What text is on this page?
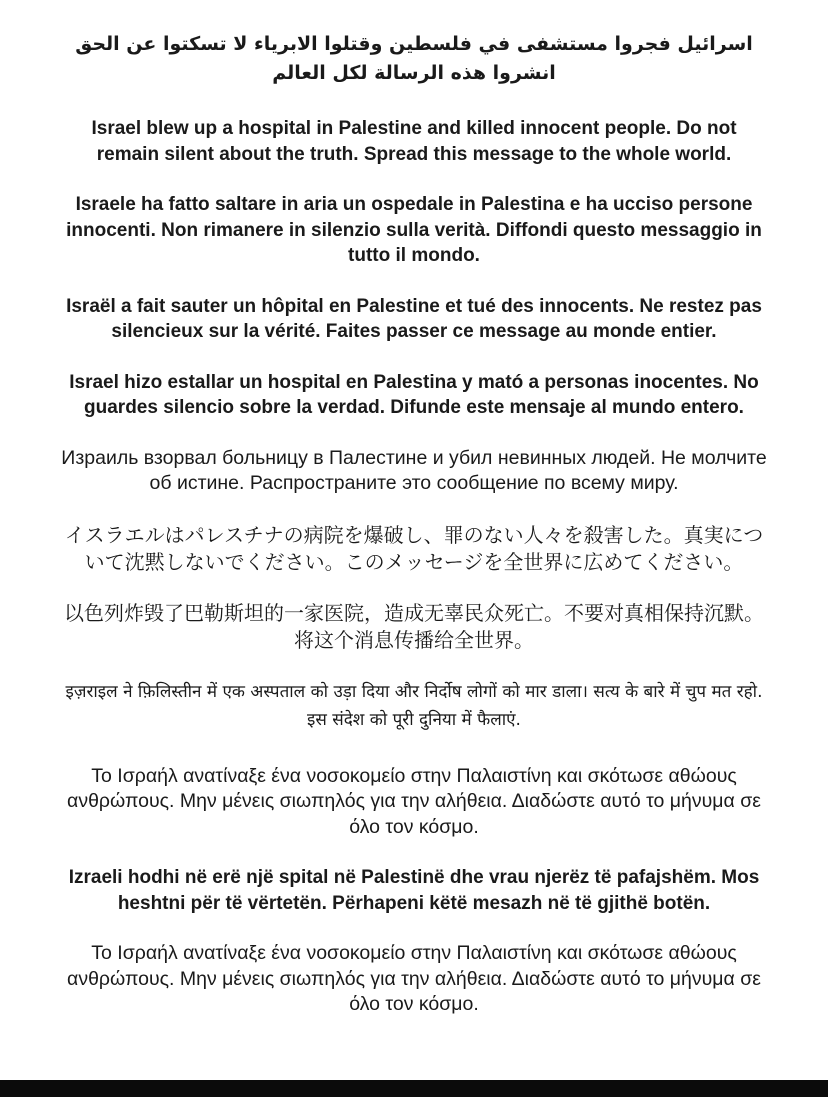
اسرائيل فجروا مستشفى في فلسطين وقتلوا الابرياء لا تسكتوا عن الحق انشروا هذه الرسالة لكل العالم

Israel blew up a hospital in Palestine and killed innocent people. Do not remain silent about the truth. Spread this message to the whole world.

Israele ha fatto saltare in aria un ospedale in Palestina e ha ucciso persone innocenti. Non rimanere in silenzio sulla verità. Diffondi questo messaggio in tutto il mondo.

Israël a fait sauter un hôpital en Palestine et tué des innocents. Ne restez pas silencieux sur la vérité. Faites passer ce message au monde entier.

Israel hizo estallar un hospital en Palestina y mató a personas inocentes. No guardes silencio sobre la verdad. Difunde este mensaje al mundo entero.

Израиль взорвал больницу в Палестине и убил невинных людей. Не молчите об истине. Распространите это сообщение по всему миру.

イスラエルはパレスチナの病院を爆破し、罪のない人々を殺害した。真実について沈黙しないでください。このメッセージを全世界に広めてください。

以色列炸毁了巴勒斯坦的一家医院，造成无辜民众死亡。不要对真相保持沉默。将这个消息传播给全世界。

इज़राइल ने फ़िलिस्तीन में एक अस्पताल को उड़ा दिया और निर्दोष लोगों को मार डाला। सत्य के बारे में चुप मत रहो. इस संदेश को पूरी दुनिया में फैलाएं.

Το Ισραήλ ανατίναξε ένα νοσοκομείο στην Παλαιστίνη και σκότωσε αθώους ανθρώπους. Μην μένεις σιωπηλός για την αλήθεια. Διαδώστε αυτό το μήνυμα σε όλο τον κόσμο.

Izraeli hodhi në erë një spital në Palestinë dhe vrau njerëz të pafajshëm. Mos heshtni për të vërtetën. Përhapeni këtë mesazh në të gjithë botën.

Το Ισραήλ ανατίναξε ένα νοσοκομείο στην Παλαιστίνη και σκότωσε αθώους ανθρώπους. Μην μένεις σιωπηλός για την αλήθεια. Διαδώστε αυτό το μήνυμα σε όλο τον κόσμο.
